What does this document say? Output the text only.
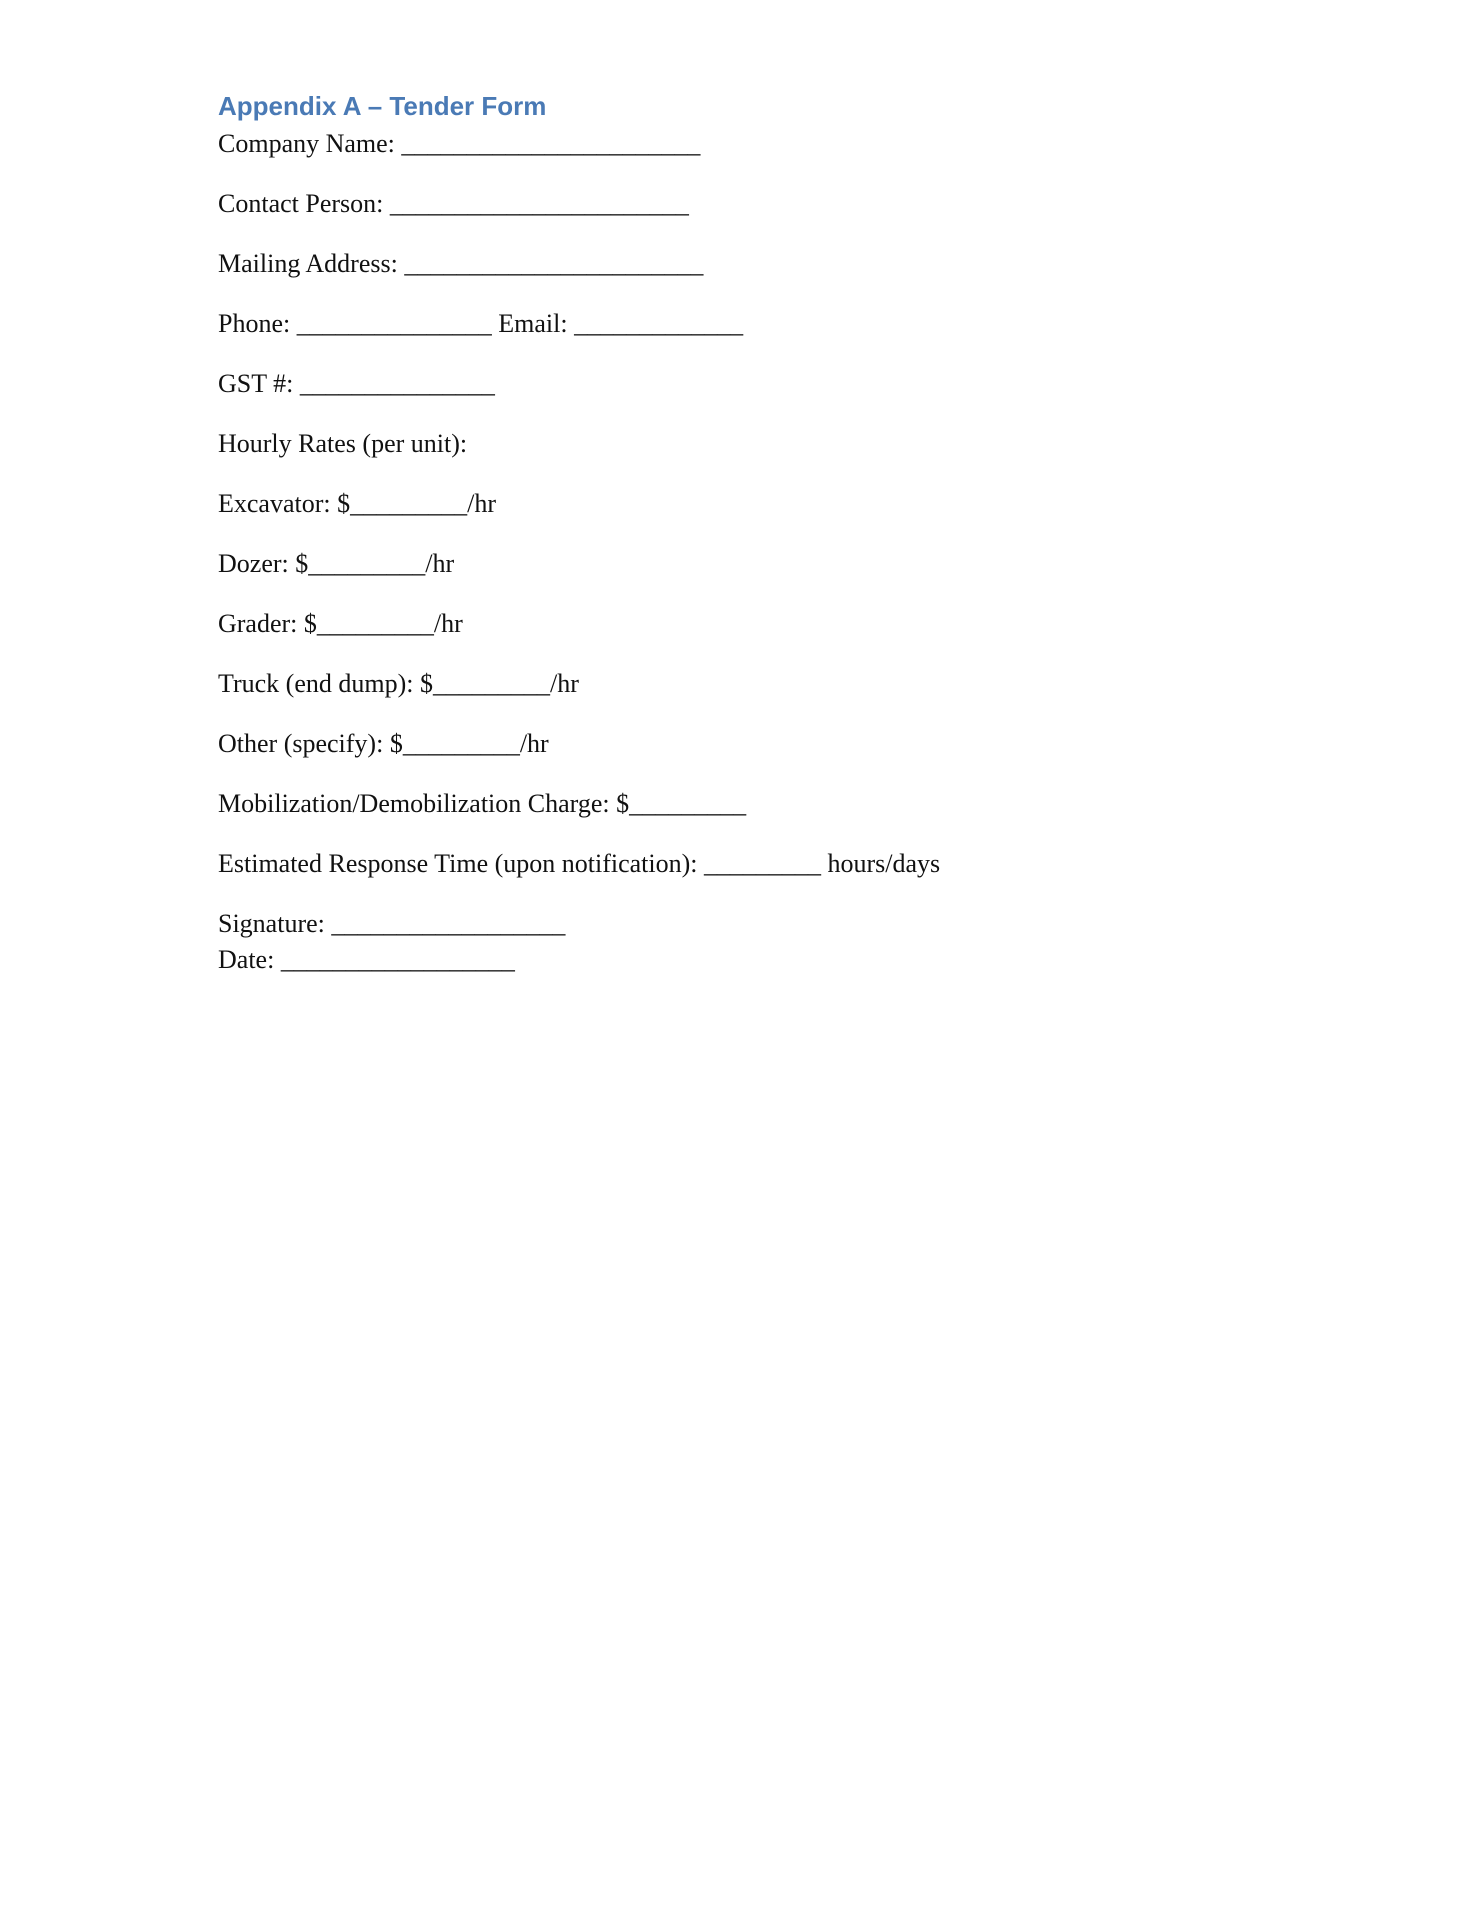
Appendix A – Tender Form

Company Name: _______________________

Contact Person: _______________________

Mailing Address: _______________________

Phone: _______________ Email: _____________

GST #: _______________

Hourly Rates (per unit):

Excavator: $_________/hr

Dozer: $_________/hr

Grader: $_________/hr

Truck (end dump): $_________/hr

Other (specify): $_________/hr

Mobilization/Demobilization Charge: $_________

Estimated Response Time (upon notification): _________ hours/days

Signature: __________________

Date: __________________
